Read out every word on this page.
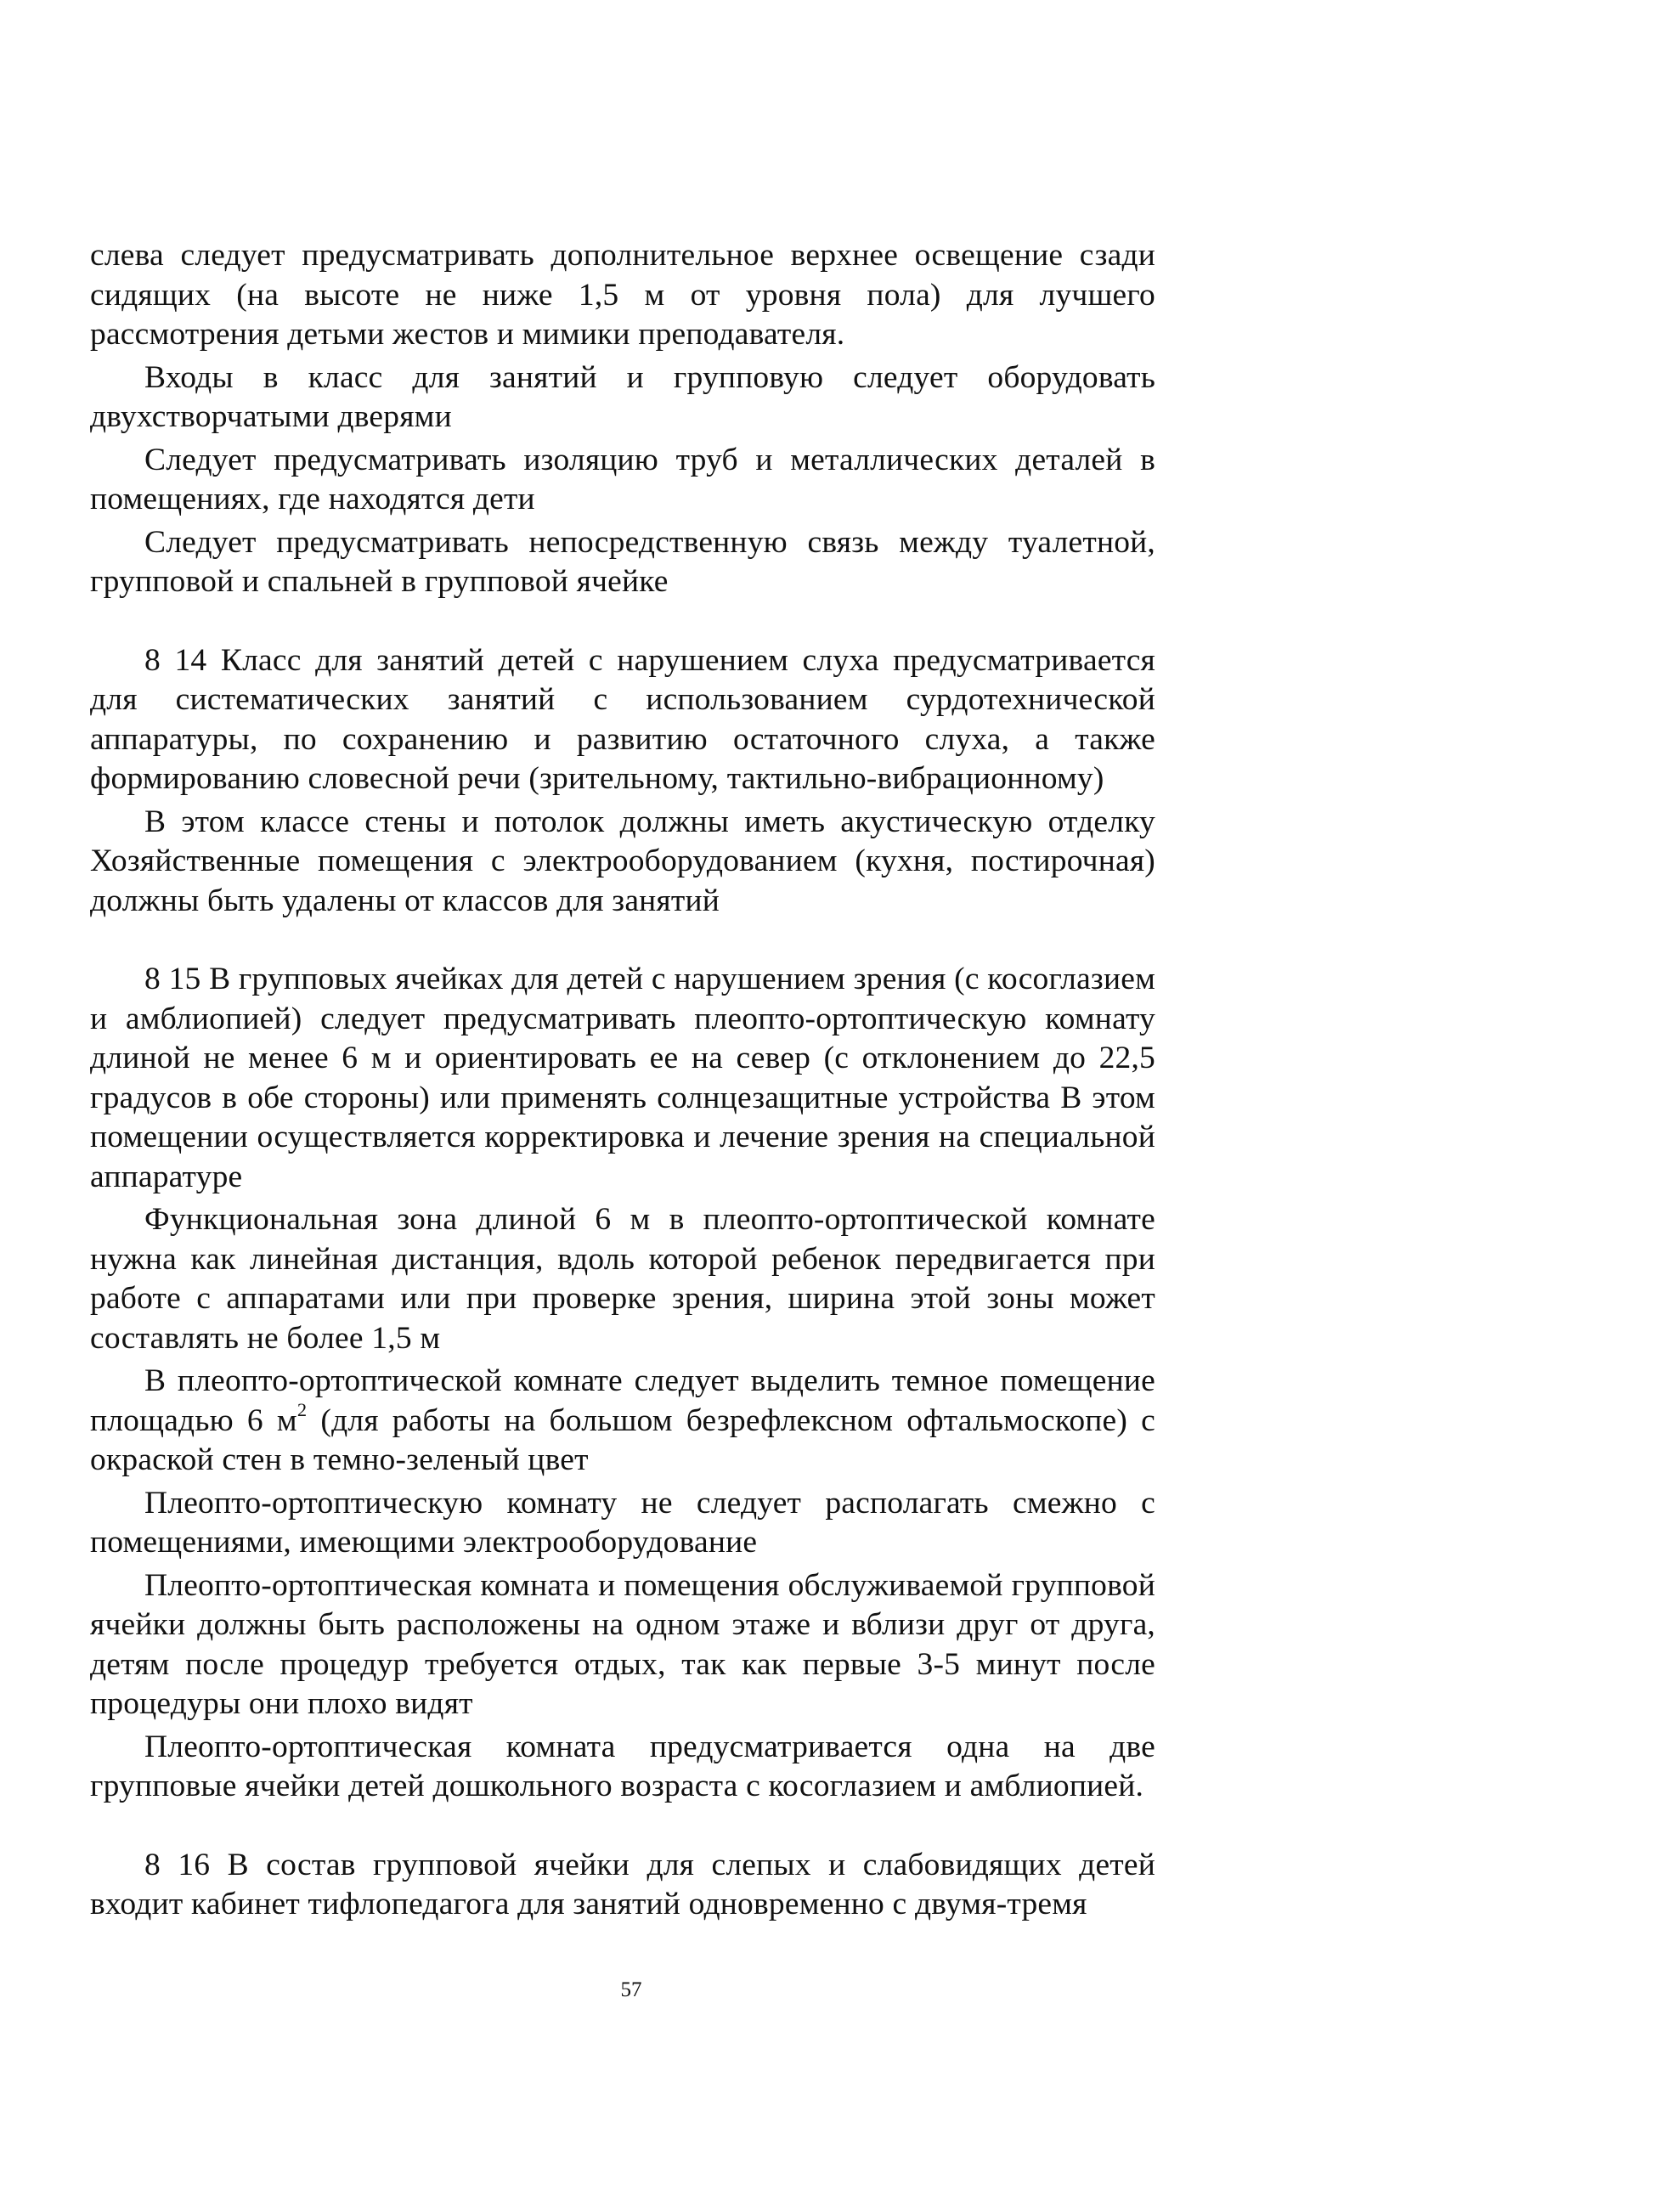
слева следует предусматривать дополнительное верхнее освещение сзади сидящих (на высоте не ниже 1,5 м от уровня пола) для лучшего рассмотрения детьми жестов и мимики преподавателя.

Входы в класс для занятий и групповую следует оборудовать двухстворчатыми дверями

Следует предусматривать изоляцию труб и металлических деталей в помещениях, где находятся дети

Следует предусматривать непосредственную связь между туалетной, групповой и спальней в групповой ячейке

8 14 Класс для занятий детей с нарушением слуха предусматривается для систематических занятий с использованием сурдотехнической аппаратуры, по сохранению и развитию остаточного слуха, а также формированию словесной речи (зрительному, тактильно-вибрационному)

В этом классе стены и потолок должны иметь акустическую отделку Хозяйственные помещения с электрооборудованием (кухня, постирочная) должны быть удалены от классов для занятий

8 15 В групповых ячейках для детей с нарушением зрения (с косоглазием и амблиопией) следует предусматривать плеопто-ортоптическую комнату длиной не менее 6 м и ориентировать ее на север (с отклонением до 22,5 градусов в обе стороны) или применять солнцезащитные устройства В этом помещении осуществляется корректировка и лечение зрения на специальной аппаратуре

Функциональная зона длиной 6 м в плеопто-ортоптической комнате нужна как линейная дистанция, вдоль которой ребенок передвигается при работе с аппаратами или при проверке зрения, ширина этой зоны может составлять не более 1,5 м

В плеопто-ортоптической комнате следует выделить темное помещение площадью 6 $м^2$ (для работы на большом безрефлексном офтальмоскопе) с окраской стен в темно-зеленый цвет

Плеопто-ортоптическую комнату не следует располагать смежно с помещениями, имеющими электрооборудование

Плеопто-ортоптическая комната и помещения обслуживаемой групповой ячейки должны быть расположены на одном этаже и вблизи друг от друга, детям после процедур требуется отдых, так как первые 3-5 минут после процедуры они плохо видят

Плеопто-ортоптическая комната предусматривается одна на две групповые ячейки детей дошкольного возраста с косоглазием и амблиопией.

8 16 В состав групповой ячейки для слепых и слабовидящих детей входит кабинет тифлопедагога для занятий одновременно с двумя-тремя

57
